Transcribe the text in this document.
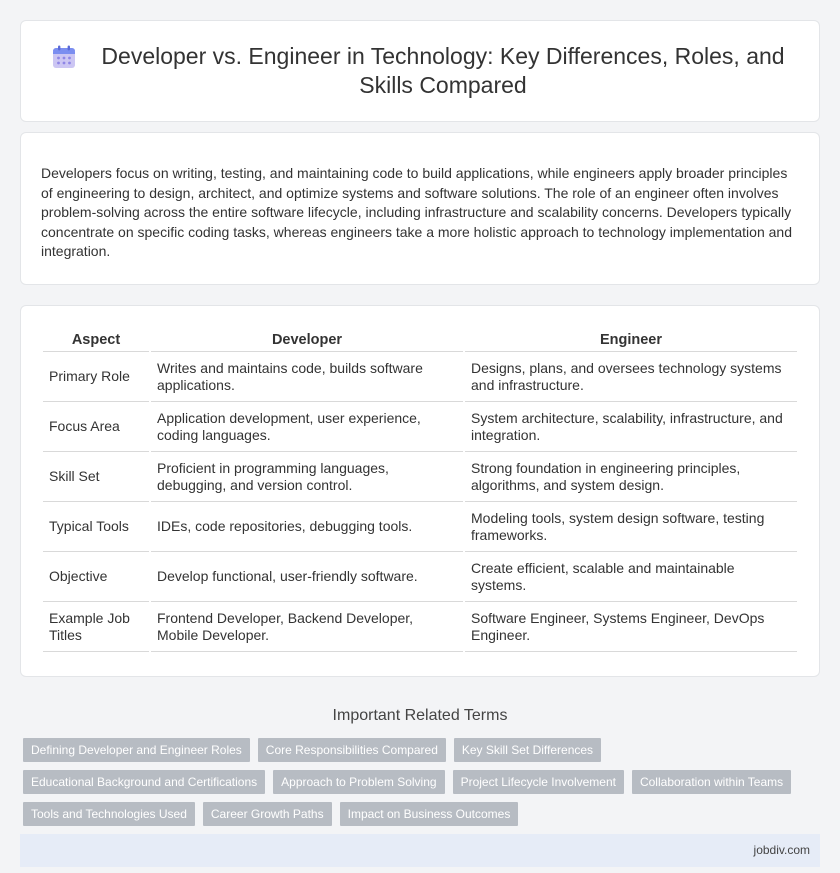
Developer vs. Engineer in Technology: Key Differences, Roles, and Skills Compared

Developers focus on writing, testing, and maintaining code to build applications, while engineers apply broader principles of engineering to design, architect, and optimize systems and software solutions. The role of an engineer often involves problem-solving across the entire software lifecycle, including infrastructure and scalability concerns. Developers typically concentrate on specific coding tasks, whereas engineers take a more holistic approach to technology implementation and integration.

Aspect	Developer	Engineer
Primary Role	Writes and maintains code, builds software applications.	Designs, plans, and oversees technology systems and infrastructure.
Focus Area	Application development, user experience, coding languages.	System architecture, scalability, infrastructure, and integration.
Skill Set	Proficient in programming languages, debugging, and version control.	Strong foundation in engineering principles, algorithms, and system design.
Typical Tools	IDEs, code repositories, debugging tools.	Modeling tools, system design software, testing frameworks.
Objective	Develop functional, user-friendly software.	Create efficient, scalable and maintainable systems.
Example Job Titles	Frontend Developer, Backend Developer, Mobile Developer.	Software Engineer, Systems Engineer, DevOps Engineer.
Important Related Terms
Defining Developer and Engineer Roles	Core Responsibilities Compared	Key Skill Set Differences
Educational Background and Certifications	Approach to Problem Solving	Project Lifecycle Involvement	Collaboration within Teams
Tools and Technologies Used	Career Growth Paths	Impact on Business Outcomes
jobdiv.com
